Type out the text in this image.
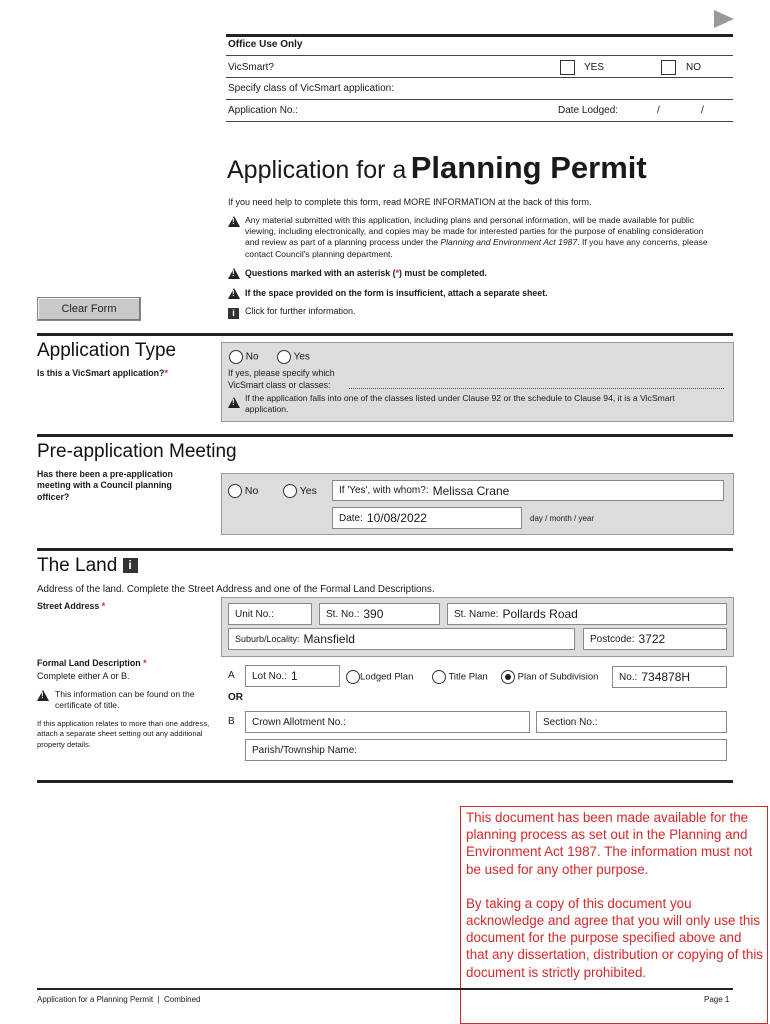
Office Use Only
VicSmart?	YES	NO
Specify class of VicSmart application:
Application No.:	Date Lodged:	/	/
Application for a Planning Permit
If you need help to complete this form, read MORE INFORMATION at the back of this form.
!
Any material submitted with this application, including plans and personal information, will be made available for public viewing, including electronically, and copies may be made for interested parties for the purpose of enabling consideration and review as part of a planning process under the Planning and Environment Act 1987. If you have any concerns, please contact Council's planning department.
!
Questions marked with an asterisk (*) must be completed.
!
If the space provided on the form is insufficient, attach a separate sheet.
i	Click for further information.
Clear Form
Application Type
Is this a VicSmart application?*
No	Yes
If yes, please specify which
VicSmart class or classes:
!
If the application falls into one of the classes listed under Clause 92 or the schedule to Clause 94, it is a VicSmart application.
Pre-application Meeting
Has there been a pre-application meeting with a Council planning officer?	No	Yes If 'Yes', with whom?: Melissa Crane
Date: 10/08/2022	day / month / year
The Land i
Address of the land. Complete the Street Address and one of the Formal Land Descriptions.
Street Address *
Unit No.:	St. No.: 390	St. Name: Pollards Road
Suburb/Locality: Mansfield	Postcode: 3722
Formal Land Description *
Complete either A or B.
!
This information can be found on the certificate of title.
If this application relates to more than one address, attach a separate sheet setting out any additional property details.
A Lot No.: 1	Lodged Plan	Title Plan	Plan of Subdivision No.: 734878H
OR
B Crown Allotment No.:	Section No.:
Parish/Township Name:

This document has been made available for the planning process as set out in the Planning and Environment Act 1987. The information must not be used for any other purpose.

By taking a copy of this document you acknowledge and agree that you will only use this document for the purpose specified above and that any dissertation, distribution or copying of this document is strictly prohibited.

Application for a Planning Permit  |  Combined	Page 1
